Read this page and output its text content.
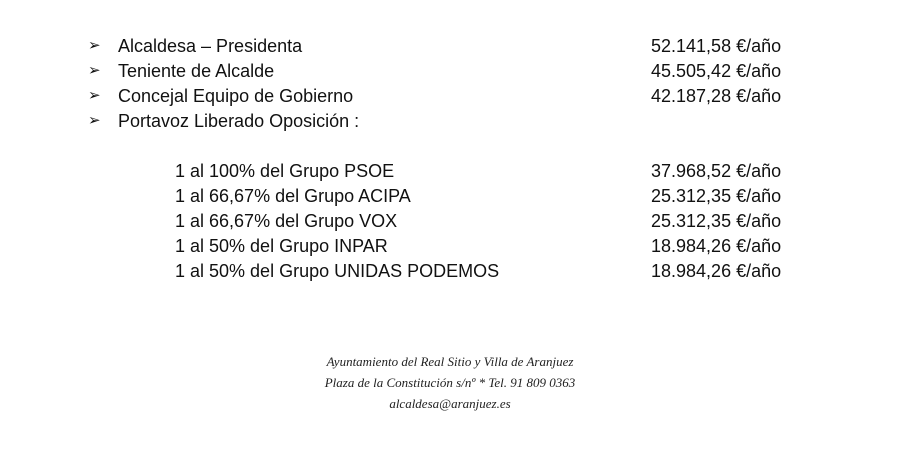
➢ Alcaldesa – Presidenta	52.141,58 €/año
➢ Teniente de Alcalde	45.505,42 €/año
➢ Concejal Equipo de Gobierno	42.187,28 €/año
➢ Portavoz Liberado Oposición :
1 al 100% del Grupo PSOE	37.968,52 €/año
1 al 66,67% del Grupo ACIPA	25.312,35 €/año
1 al 66,67% del Grupo VOX	25.312,35 €/año
1 al 50% del Grupo INPAR	18.984,26 €/año
1 al 50% del Grupo UNIDAS PODEMOS	18.984,26 €/año
Ayuntamiento del Real Sitio y Villa de Aranjuez
Plaza de la Constitución s/nº * Tel. 91 809 0363
alcaldesa@aranjuez.es
